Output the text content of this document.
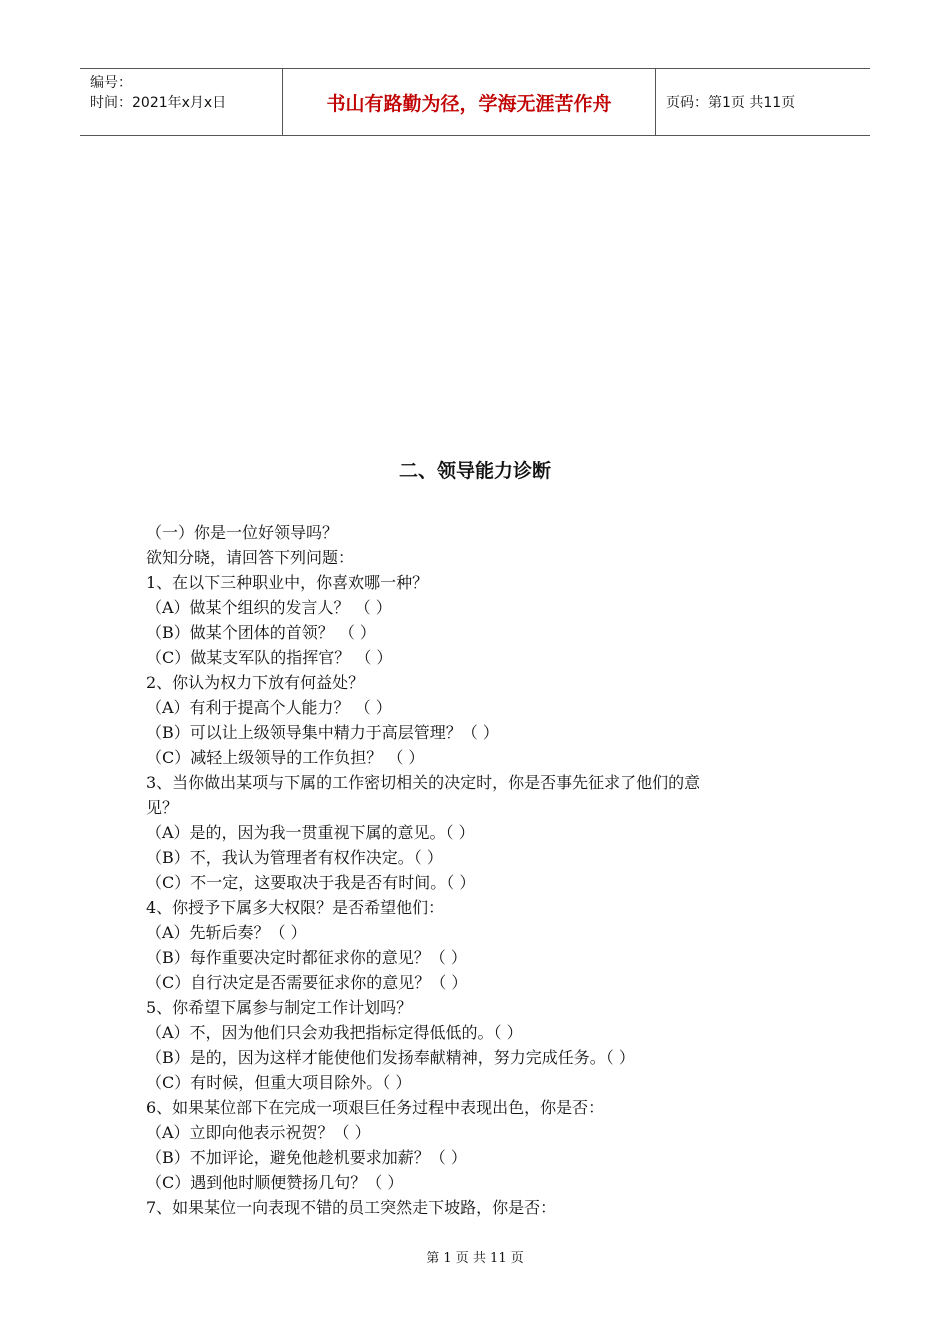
编号：
时间：2021年x月x日	书山有路勤为径，学海无涯苦作舟	页码：第1页 共11页
二、领导能力诊断
（一）你是一位好领导吗？
欲知分晓，请回答下列问题：
1、在以下三种职业中，你喜欢哪一种？
（A）做某个组织的发言人？ （ ）
（B）做某个团体的首领？ （ ）
（C）做某支军队的指挥官？ （ ）
2、你认为权力下放有何益处？
（A）有利于提高个人能力？ （ ）
（B）可以让上级领导集中精力于高层管理？（ ）
（C）减轻上级领导的工作负担？ （ ）
3、当你做出某项与下属的工作密切相关的决定时，你是否事先征求了他们的意
见？
（A）是的，因为我一贯重视下属的意见。（ ）
（B）不，我认为管理者有权作决定。（ ）
（C）不一定，这要取决于我是否有时间。（ ）
4、你授予下属多大权限？是否希望他们：
（A）先斩后奏？（ ）
（B）每作重要决定时都征求你的意见？（ ）
（C）自行决定是否需要征求你的意见？（ ）
5、你希望下属参与制定工作计划吗？
（A）不，因为他们只会劝我把指标定得低低的。（ ）
（B）是的，因为这样才能使他们发扬奉献精神，努力完成任务。（ ）
（C）有时候，但重大项目除外。（ ）
6、如果某位部下在完成一项艰巨任务过程中表现出色，你是否：
（A）立即向他表示祝贺？（ ）
（B）不加评论，避免他趁机要求加薪？（ ）
（C）遇到他时顺便赞扬几句？（ ）
7、如果某位一向表现不错的员工突然走下坡路，你是否：
第 1 页 共 11 页
